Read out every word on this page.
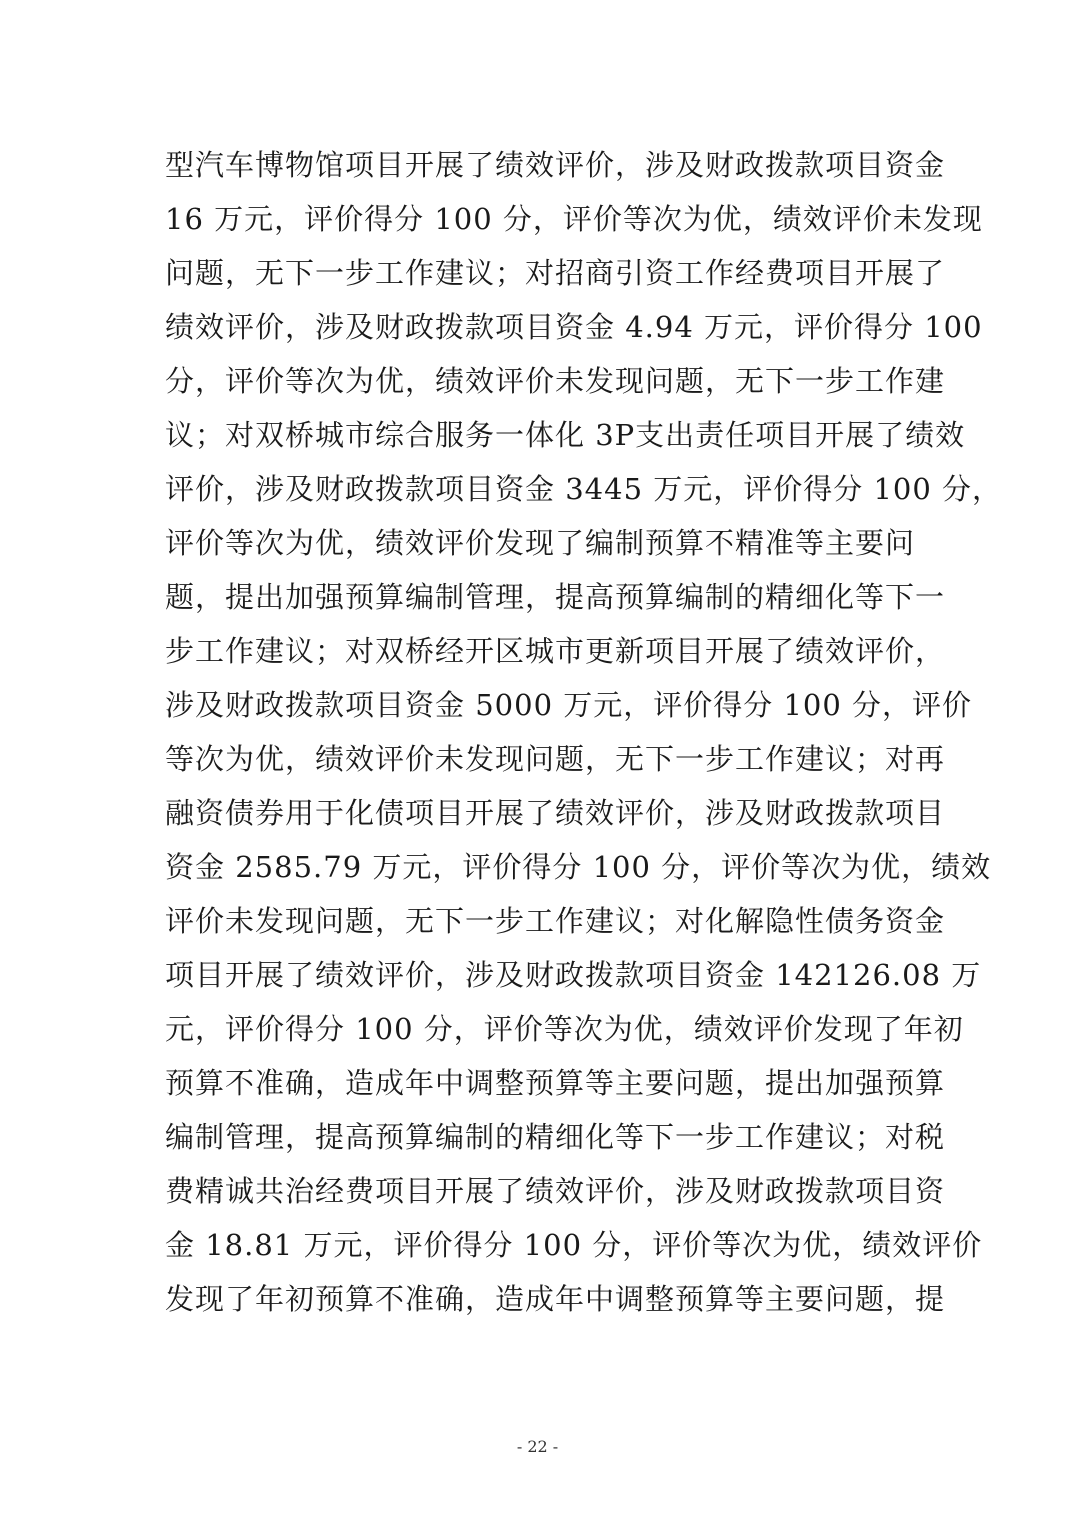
型汽车博物馆项目开展了绩效评价，涉及财政拨款项目资金
16 万元，评价得分 100 分，评价等次为优，绩效评价未发现
问题，无下一步工作建议；对招商引资工作经费项目开展了
绩效评价，涉及财政拨款项目资金 4.94 万元，评价得分 100
分，评价等次为优，绩效评价未发现问题，无下一步工作建
议；对双桥城市综合服务一体化 3P支出责任项目开展了绩效
评价，涉及财政拨款项目资金 3445 万元，评价得分 100 分，
评价等次为优，绩效评价发现了编制预算不精准等主要问
题，提出加强预算编制管理，提高预算编制的精细化等下一
步工作建议；对双桥经开区城市更新项目开展了绩效评价，
涉及财政拨款项目资金 5000 万元，评价得分 100 分，评价
等次为优，绩效评价未发现问题，无下一步工作建议；对再
融资债券用于化债项目开展了绩效评价，涉及财政拨款项目
资金 2585.79 万元，评价得分 100 分，评价等次为优，绩效
评价未发现问题，无下一步工作建议；对化解隐性债务资金
项目开展了绩效评价，涉及财政拨款项目资金 142126.08 万
元，评价得分 100 分，评价等次为优，绩效评价发现了年初
预算不准确，造成年中调整预算等主要问题，提出加强预算
编制管理，提高预算编制的精细化等下一步工作建议；对税
费精诚共治经费项目开展了绩效评价，涉及财政拨款项目资
金 18.81 万元，评价得分 100 分，评价等次为优，绩效评价
发现了年初预算不准确，造成年中调整预算等主要问题，提
- 22 -
